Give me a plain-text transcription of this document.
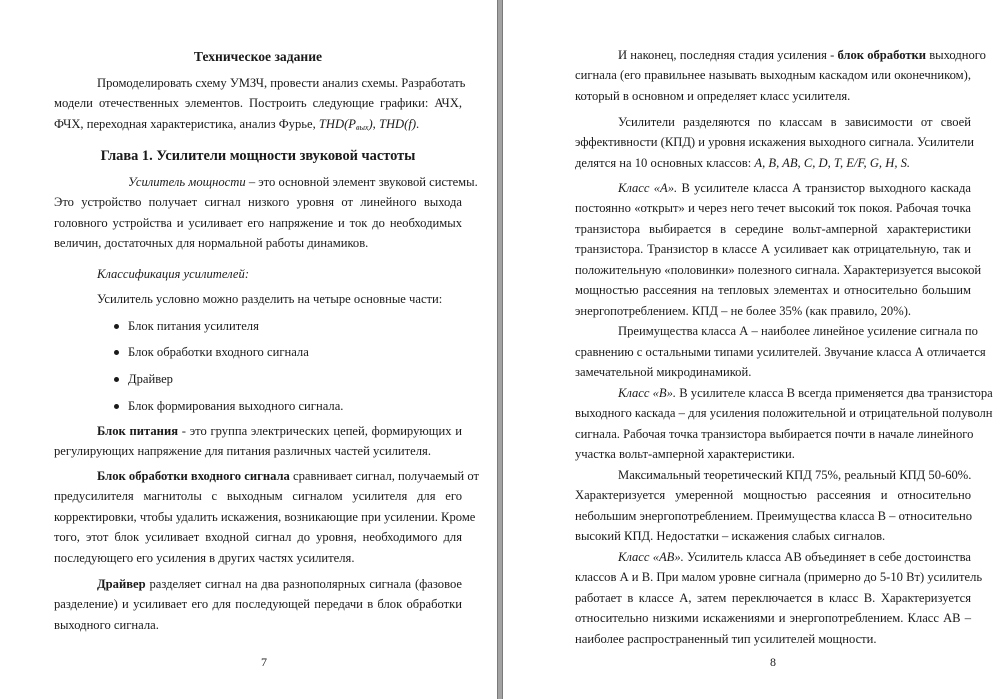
Техническое задание
Промоделировать схему УМЗЧ, провести анализ схемы. Разработать
модели отечественных элементов. Построить следующие графики: АЧХ,
ФЧХ, переходная характеристика, анализ Фурье, THD(Pвых), THD(f).
Глава 1. Усилители мощности звуковой частоты
Усилитель мощности – это основной элемент звуковой системы.
Это устройство получает сигнал низкого уровня от линейного выхода
головного устройства и усиливает его напряжение и ток до необходимых
величин, достаточных для нормальной работы динамиков.
Классификация усилителей:
Усилитель условно можно разделить на четыре основные части:
Блок питания усилителя
Блок обработки входного сигнала
Драйвер
Блок формирования выходного сигнала.
Блок питания - это группа электрических цепей, формирующих и
регулирующих напряжение для питания различных частей усилителя.
Блок обработки входного сигнала сравнивает сигнал, получаемый от
предусилителя магнитолы с выходным сигналом усилителя для его
корректировки, чтобы удалить искажения, возникающие при усилении. Кроме
того, этот блок усиливает входной сигнал до уровня, необходимого для
последующего его усиления в других частях усилителя.
Драйвер разделяет сигнал на два разнополярных сигнала (фазовое
разделение) и усиливает его для последующей передачи в блок обработки
выходного сигнала.
7
И наконец, последняя стадия усиления - блок обработки выходного
сигнала (его правильнее называть выходным каскадом или оконечником),
который в основном и определяет класс усилителя.
Усилители разделяются по классам в зависимости от своей
эффективности (КПД) и уровня искажения выходного сигнала. Усилители
делятся на 10 основных классов: A, B, AB, C, D, T, E/F, G, H, S.
Класс «А». В усилителе класса А транзистор выходного каскада
постоянно «открыт» и через него течет высокий ток покоя. Рабочая точка
транзистора выбирается в середине вольт-амперной характеристики
транзистора. Транзистор в классе А усиливает как отрицательную, так и
положительную «половинки» полезного сигнала. Характеризуется высокой
мощностью рассеяния на тепловых элементах и относительно большим
энергопотреблением. КПД – не более 35% (как правило, 20%).
Преимущества класса А – наиболее линейное усиление сигнала по
сравнению с остальными типами усилителей. Звучание класса А отличается
замечательной микродинамикой.
Класс «В». В усилителе класса В всегда применяется два транзистора
выходного каскада – для усиления положительной и отрицательной полуволн
сигнала. Рабочая точка транзистора выбирается почти в начале линейного
участка вольт-амперной характеристики.
Максимальный теоретический КПД 75%, реальный КПД 50-60%.
Характеризуется умеренной мощностью рассеяния и относительно
небольшим энергопотреблением. Преимущества класса В – относительно
высокий КПД. Недостатки – искажения слабых сигналов.
Класс «АВ». Усилитель класса АВ объединяет в себе достоинства
классов А и В. При малом уровне сигнала (примерно до 5-10 Вт) усилитель
работает в классе А, затем переключается в класс В. Характеризуется
относительно низкими искажениями и энергопотреблением. Класс АВ –
наиболее распространенный тип усилителей мощности.
8
